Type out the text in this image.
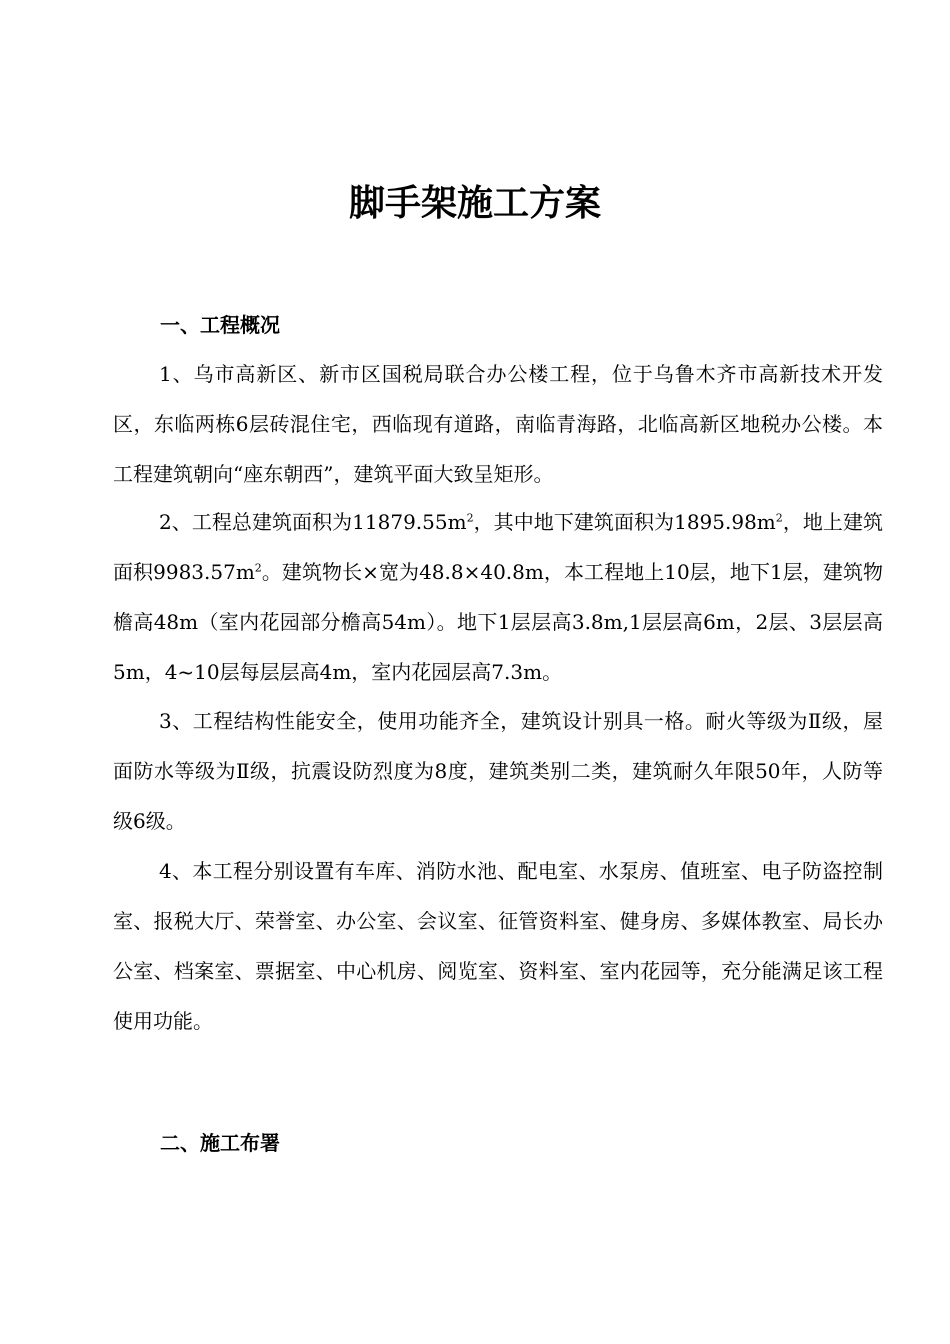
脚手架施工方案
一、工程概况

1、乌市高新区、新市区国税局联合办公楼工程，位于乌鲁木齐市高新技术开发区，东临两栋6层砖混住宅，西临现有道路，南临青海路，北临高新区地税办公楼。本工程建筑朝向“座东朝西”，建筑平面大致呈矩形。

2、工程总建筑面积为$11879.55m^2$，其中地下建筑面积为$1895.98m^2$，地上建筑面积$9983.57m^2$。建筑物长×宽为48.8×40.8m，本工程地上10层，地下1层，建筑物檐高48m（室内花园部分檐高54m）。地下1层层高3.8m,1层层高6m，2层、3层层高5m，4~10层每层层高4m，室内花园层高7.3m。

3、工程结构性能安全，使用功能齐全，建筑设计别具一格。耐火等级为Ⅱ级，屋面防水等级为Ⅱ级，抗震设防烈度为8度，建筑类别二类，建筑耐久年限50年，人防等级6级。

4、本工程分别设置有车库、消防水池、配电室、水泵房、值班室、电子防盗控制室、报税大厅、荣誉室、办公室、会议室、征管资料室、健身房、多媒体教室、局长办公室、档案室、票据室、中心机房、阅览室、资料室、室内花园等，充分能满足该工程使用功能。

二、施工布署
